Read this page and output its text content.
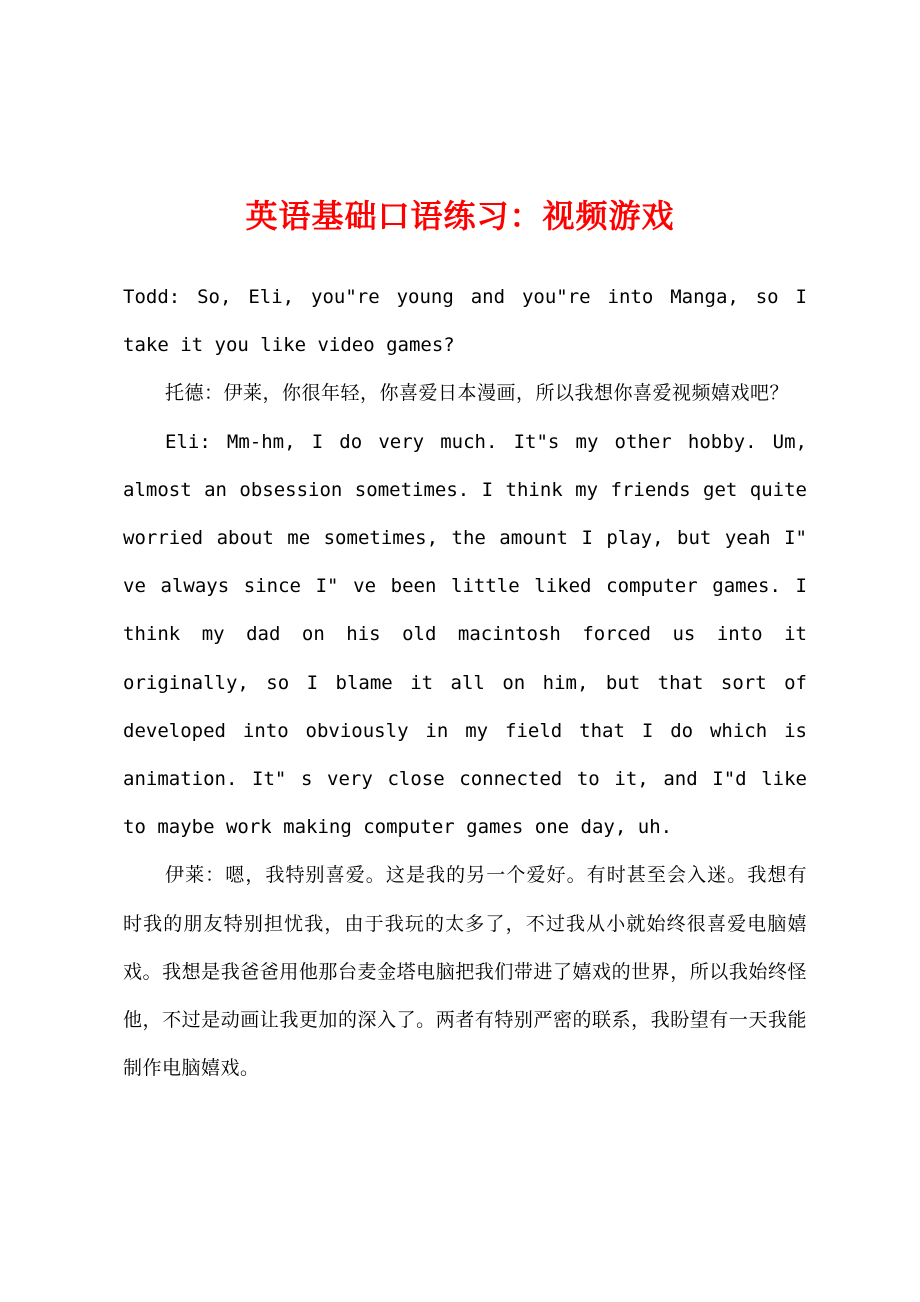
英语基础口语练习：视频游戏

Todd: So, Eli, you"re young and you"re into Manga, so I take it you like video games?

托德：伊莱，你很年轻，你喜爱日本漫画，所以我想你喜爱视频嬉戏吧？

Eli: Mm-hm, I do very much. It"s my other hobby. Um, almost an obsession sometimes. I think my friends get quite worried about me sometimes, the amount I play, but yeah I" ve always since I" ve been little liked computer games. I think my dad on his old macintosh forced us into it originally, so I blame it all on him, but that sort of developed into obviously in my field that I do which is animation. It" s very close connected to it, and I"d like to maybe work making computer games one day, uh.

伊莱：嗯，我特别喜爱。这是我的另一个爱好。有时甚至会入迷。我想有时我的朋友特别担忧我，由于我玩的太多了，不过我从小就始终很喜爱电脑嬉戏。我想是我爸爸用他那台麦金塔电脑把我们带进了嬉戏的世界，所以我始终怪他，不过是动画让我更加的深入了。两者有特别严密的联系，我盼望有一天我能制作电脑嬉戏。
